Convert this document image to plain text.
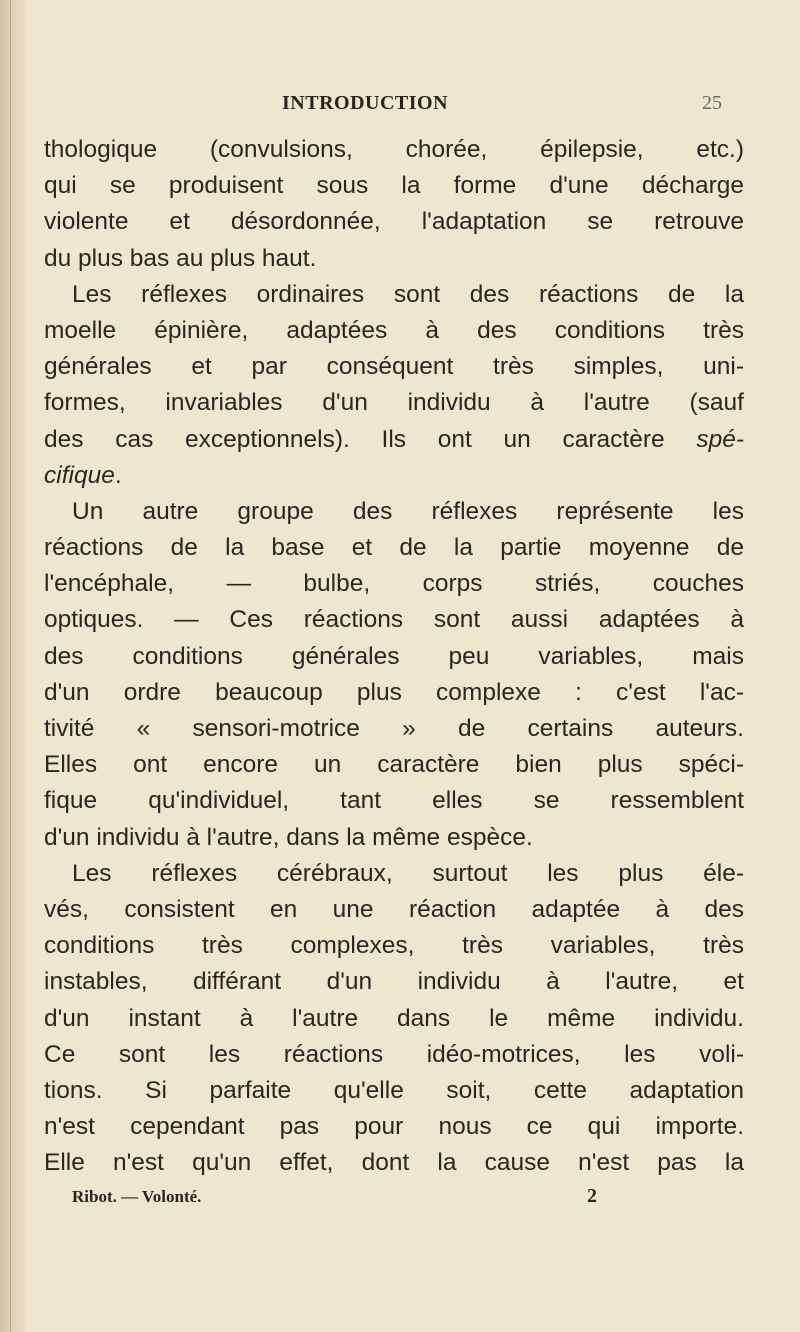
INTRODUCTION	25
thologique (convulsions, chorée, épilepsie, etc.)
qui se produisent sous la forme d'une décharge
violente et désordonnée, l'adaptation se retrouve
du plus bas au plus haut.
Les réflexes ordinaires sont des réactions de la
moelle épinière, adaptées à des conditions très
générales et par conséquent très simples, uni-
formes, invariables d'un individu à l'autre (sauf
des cas exceptionnels). Ils ont un caractère spé-
cifique.
Un autre groupe des réflexes représente les
réactions de la base et de la partie moyenne de
l'encéphale, — bulbe, corps striés, couches
optiques. — Ces réactions sont aussi adaptées à
des conditions générales peu variables, mais
d'un ordre beaucoup plus complexe : c'est l'ac-
tivité « sensori-motrice » de certains auteurs.
Elles ont encore un caractère bien plus spéci-
fique qu'individuel, tant elles se ressemblent
d'un individu à l'autre, dans la même espèce.
Les réflexes cérébraux, surtout les plus éle-
vés, consistent en une réaction adaptée à des
conditions très complexes, très variables, très
instables, différant d'un individu à l'autre, et
d'un instant à l'autre dans le même individu.
Ce sont les réactions idéo-motrices, les voli-
tions. Si parfaite qu'elle soit, cette adaptation
n'est cependant pas pour nous ce qui importe.
Elle n'est qu'un effet, dont la cause n'est pas la
Ribot. — Volonté.	2
